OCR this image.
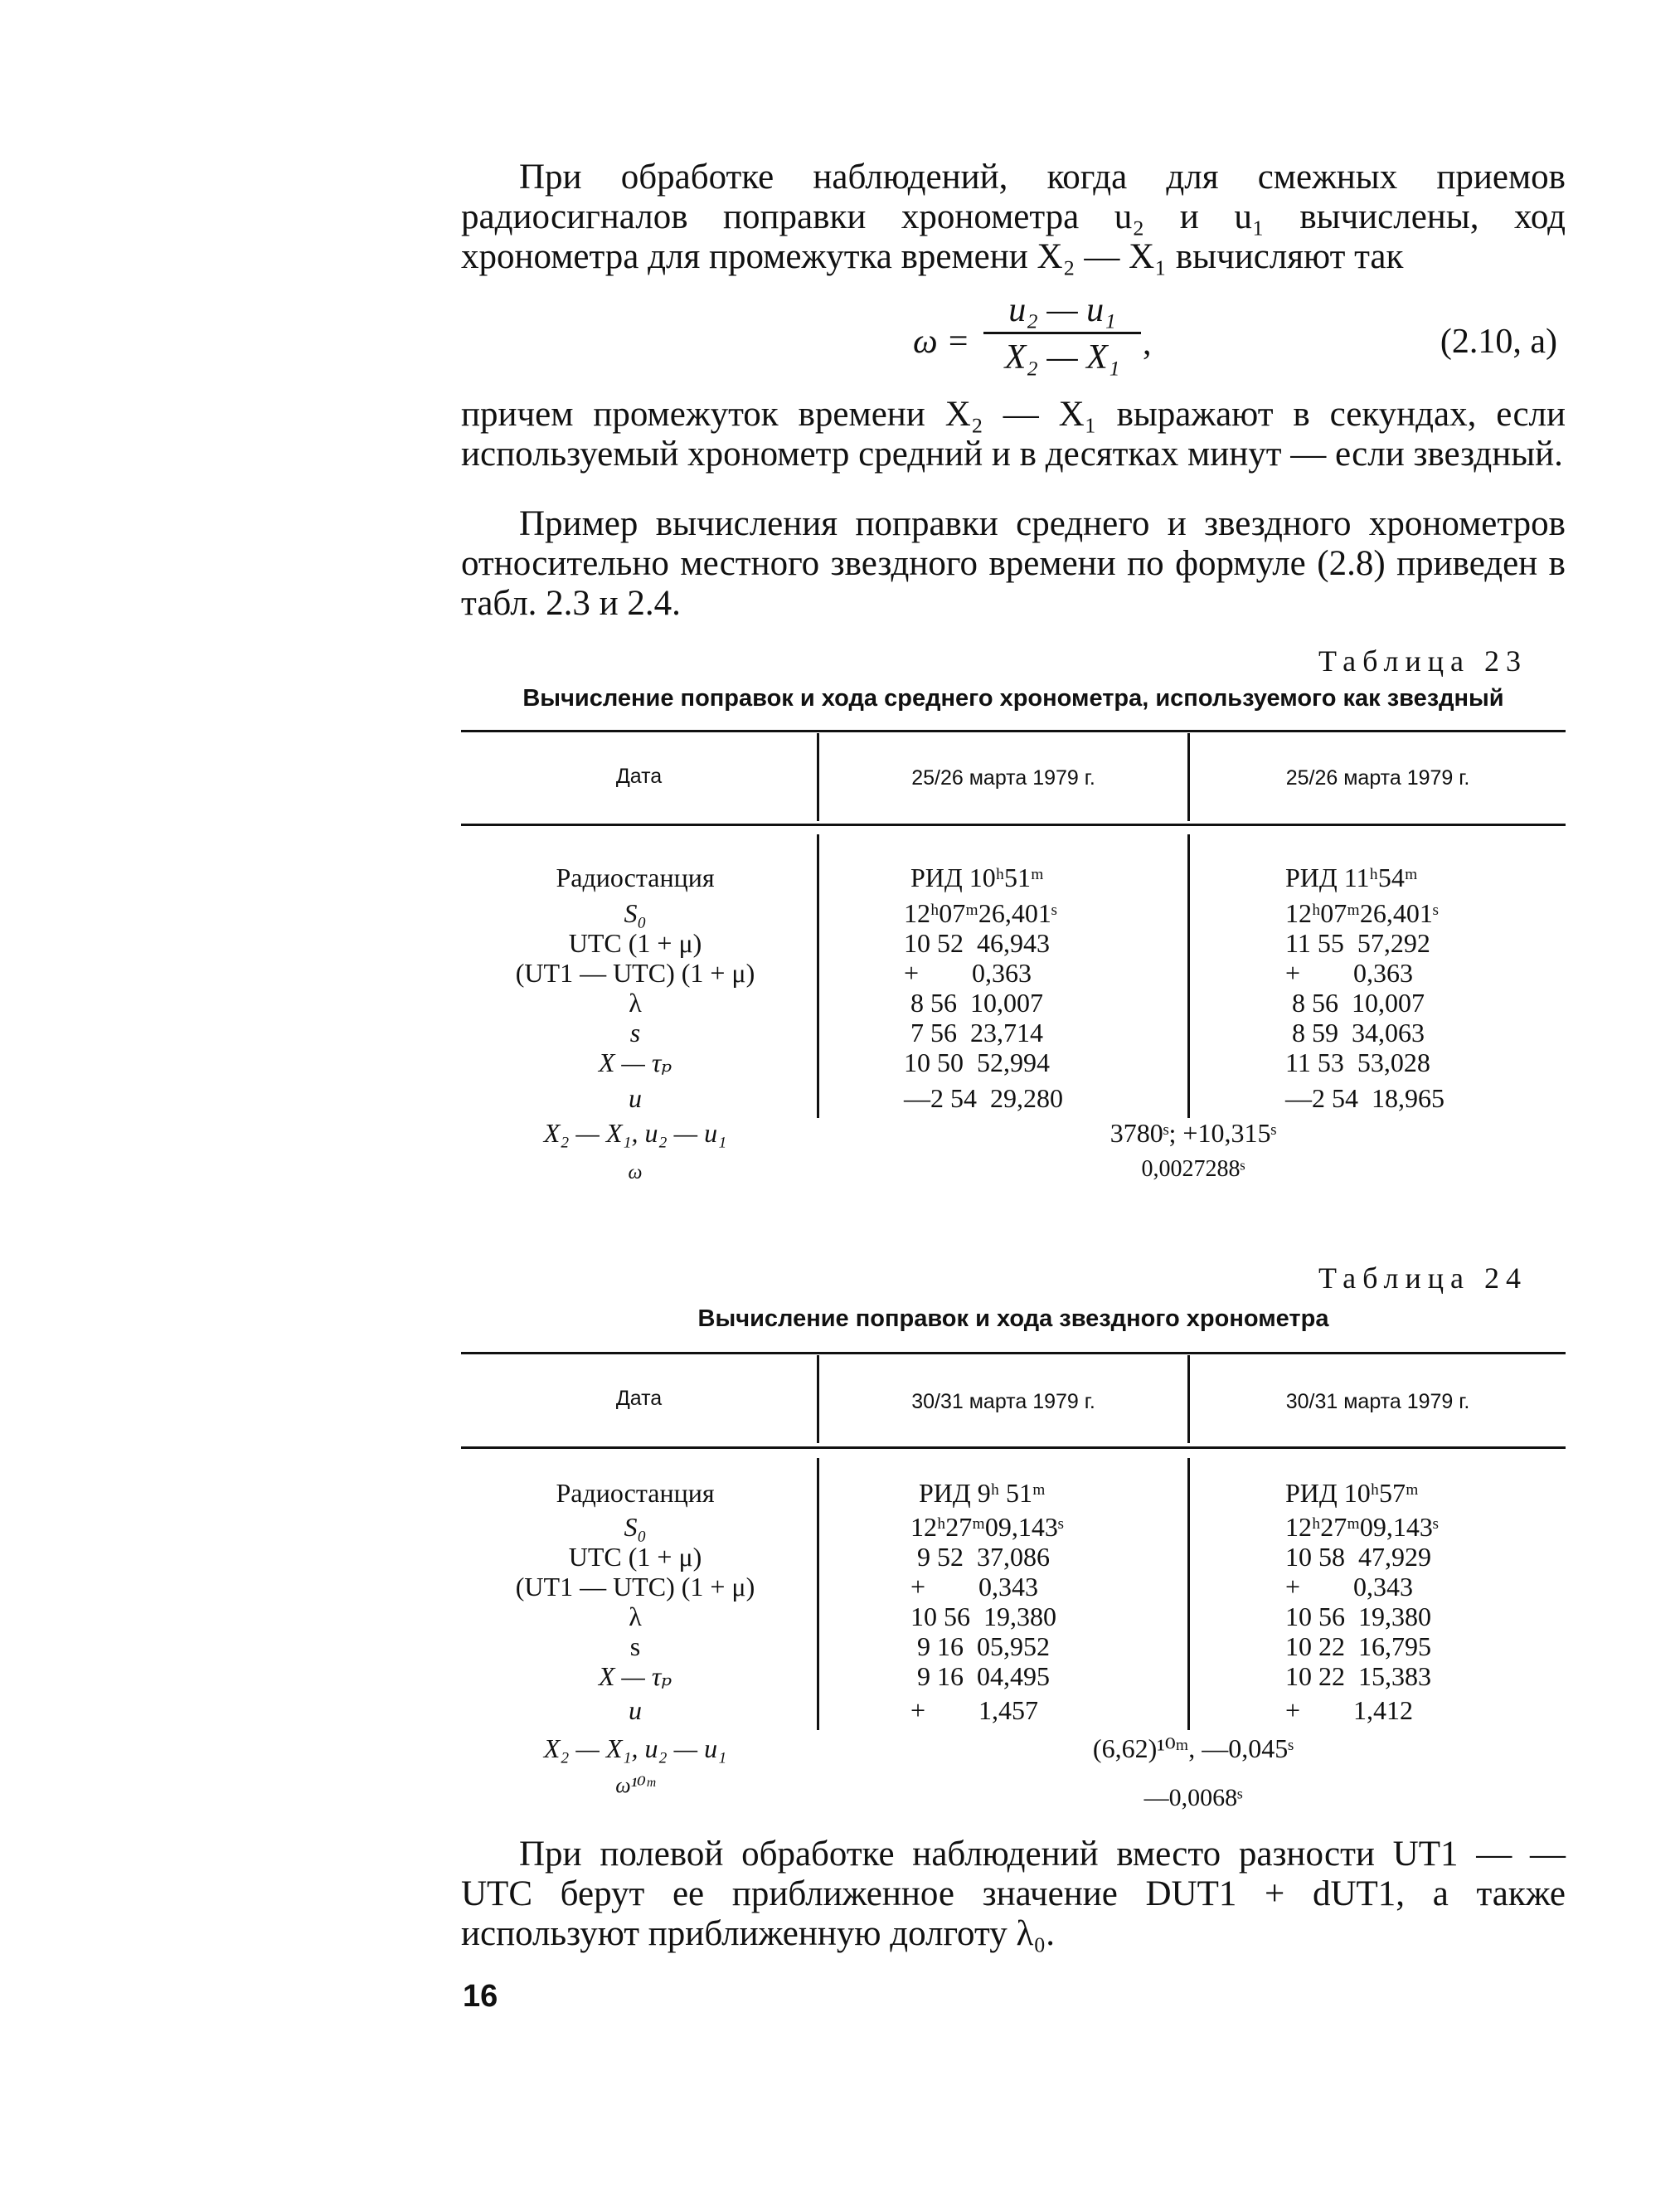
При обработке наблюдений, когда для смежных приемов радиосигналов поправки хронометра u₂ и u₁ вычислены, ход хронометра для промежутка времени X₂ — X₁ вычисляют так

ω =
u₂ — u₁
X₂ — X₁ ,	(2.10, a)

причем промежуток времени X₂ — X₁ выражают в секундах, если используемый хронометр средний и в десятках минут — если звездный.

Пример вычисления поправки среднего и звездного хронометров относительно местного звездного времени по формуле (2.8) приведен в табл. 2.3 и 2.4.

Таблица 23
Вычисление поправок и хода среднего хронометра, используемого как звездный
Дата	25/26 марта 1979 г.	25/26 марта 1979 г.
Радиостанция	РИД 10ʰ51ᵐ	РИД 11ʰ54ᵐ
S₀	12ʰ07ᵐ26,401ˢ	12ʰ07ᵐ26,401ˢ
UTC (1 + μ)	10 52  46,943	11 55  57,292
(UT1 — UTC) (1 + μ)	+        0,363	+        0,363
λ	8 56  10,007	8 56  10,007
s	7 56  23,714	8 59  34,063
X — τₚ	10 50  52,994	11 53  53,028
u	—2 54  29,280	—2 54  18,965
X₂ — X₁, u₂ — u₁	3780ˢ; +10,315ˢ
ω	0,0027288ˢ
Таблица 24
Вычисление поправок и хода звездного хронометра
Дата	30/31 марта 1979 г.	30/31 марта 1979 г.
Радиостанция	РИД 9ʰ 51ᵐ	РИД 10ʰ57ᵐ
S₀	12ʰ27ᵐ09,143ˢ	12ʰ27ᵐ09,143ˢ
UTC (1 + μ)	9 52  37,086	10 58  47,929
(UT1 — UTC) (1 + μ)	+        0,343	+        0,343
λ	10 56  19,380	10 56  19,380
s	9 16  05,952	10 22  16,795
X — τₚ	9 16  04,495	10 22  15,383
u	+        1,457	+        1,412
X₂ — X₁, u₂ — u₁	(6,62)¹⁰ᵐ, —0,045ˢ
ω¹⁰ᵐ	—0,0068ˢ

При полевой обработке наблюдений вместо разности UT1 — — UTC берут ее приближенное значение DUT1 + dUT1, а также используют приближенную долготу λ₀.

16
